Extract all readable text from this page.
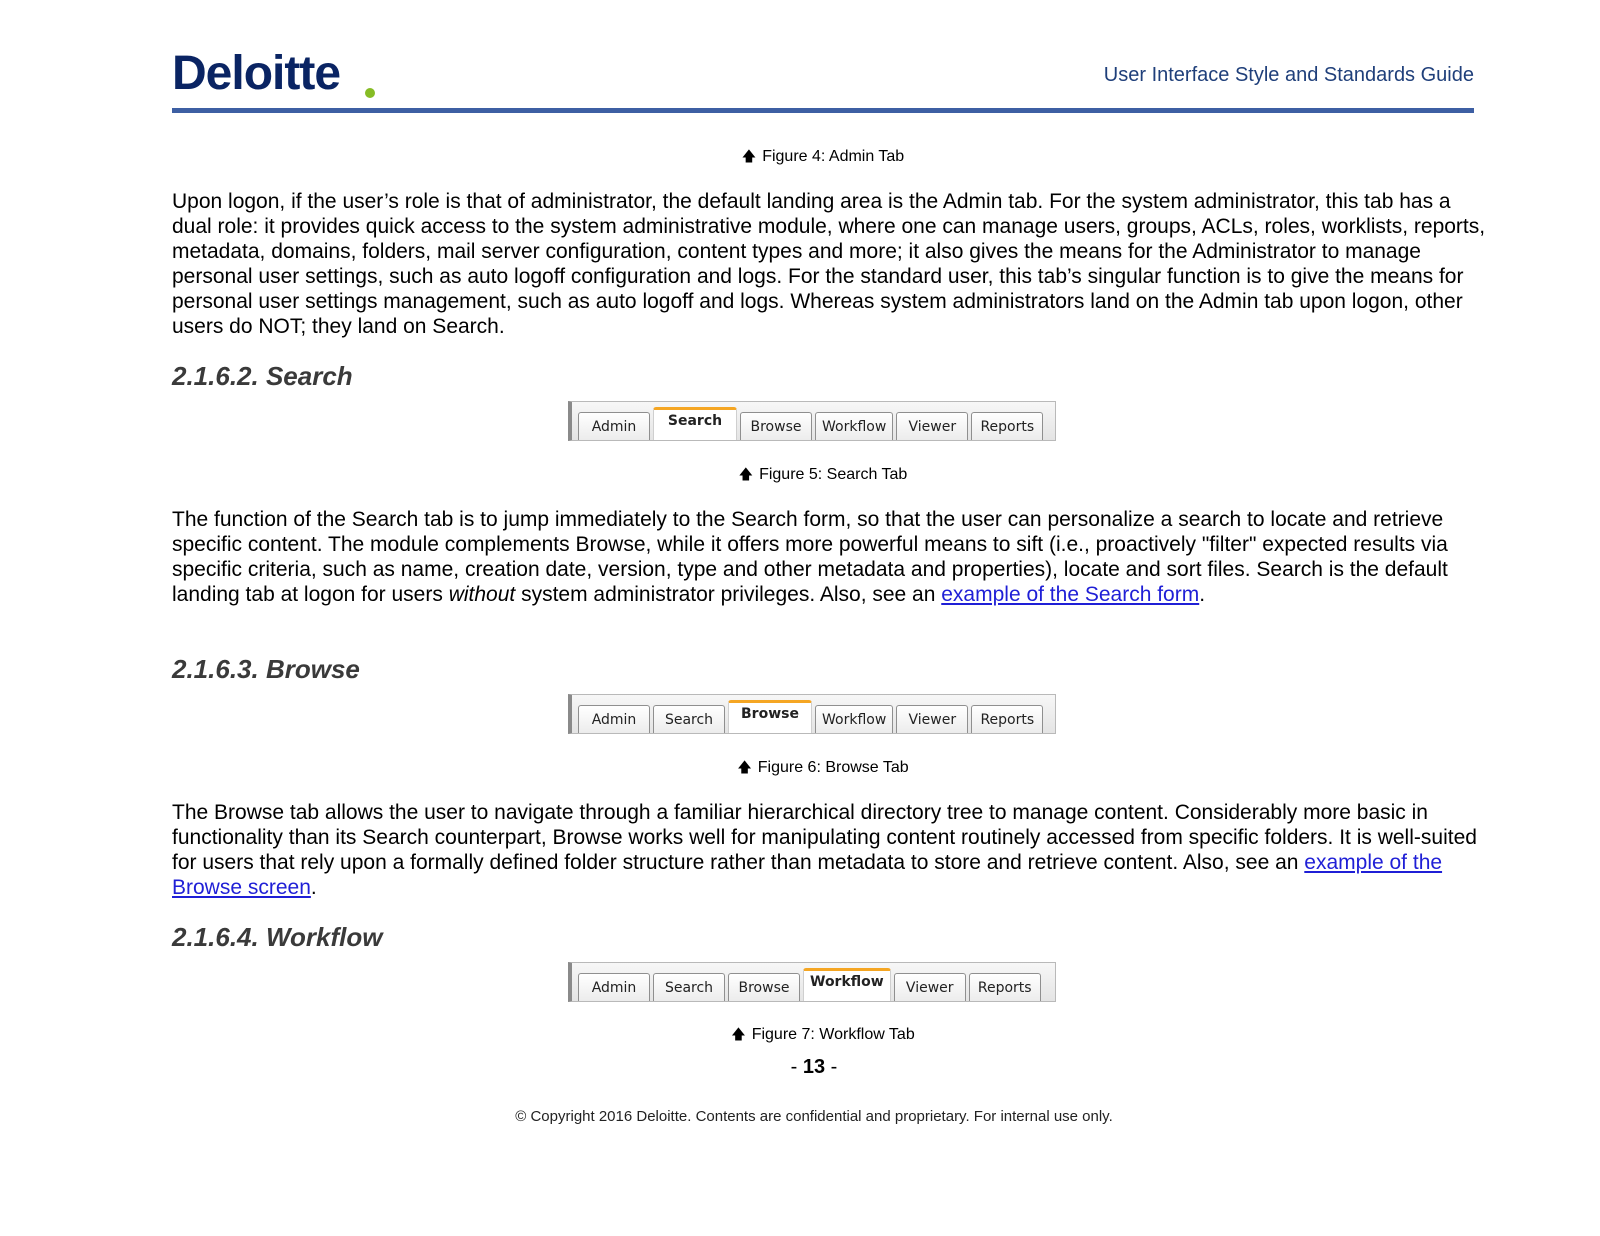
Deloitte	User Interface Style and Standards Guide
🡅 Figure 4: Admin Tab
Upon logon, if the user’s role is that of administrator, the default landing area is the Admin tab. For the system administrator, this tab has a dual role: it provides quick access to the system administrative module, where one can manage users, groups, ACLs, roles, worklists, reports, metadata, domains, folders, mail server configuration, content types and more; it also gives the means for the Administrator to manage personal user settings, such as auto logoff configuration and logs. For the standard user, this tab’s singular function is to give the means for personal user settings management, such as auto logoff and logs. Whereas system administrators land on the Admin tab upon logon, other users do NOT; they land on Search.
2.1.6.2. Search
Admin	Search	Browse	Workflow	Viewer	Reports
🡅 Figure 5: Search Tab
The function of the Search tab is to jump immediately to the Search form, so that the user can personalize a search to locate and retrieve specific content. The module complements Browse, while it offers more powerful means to sift (i.e., proactively "filter" expected results via specific criteria, such as name, creation date, version, type and other metadata and properties), locate and sort files. Search is the default landing tab at logon for users without system administrator privileges. Also, see an example of the Search form.
2.1.6.3. Browse
Admin	Search	Browse	Workflow	Viewer	Reports
🡅 Figure 6: Browse Tab
The Browse tab allows the user to navigate through a familiar hierarchical directory tree to manage content. Considerably more basic in functionality than its Search counterpart, Browse works well for manipulating content routinely accessed from specific folders. It is well-suited for users that rely upon a formally defined folder structure rather than metadata to store and retrieve content. Also, see an example of the Browse screen.
2.1.6.4. Workflow
Admin	Search	Browse	Workflow	Viewer	Reports
🡅 Figure 7: Workflow Tab
- 13 -
© Copyright 2016 Deloitte. Contents are confidential and proprietary. For internal use only.
